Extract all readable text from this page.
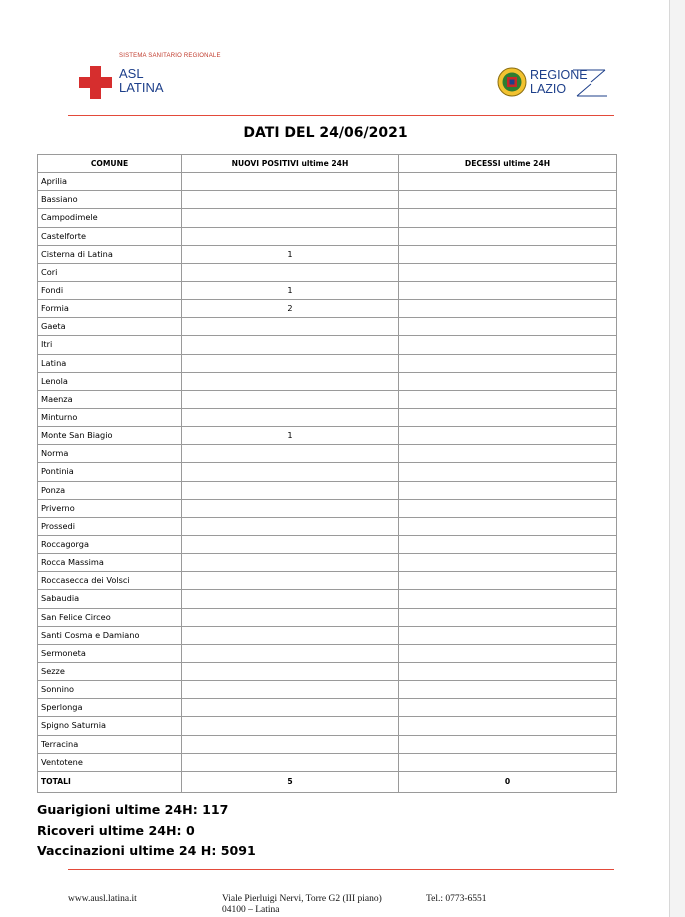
SISTEMA SANITARIO REGIONALE
ASL
LATINA
REGIONE
LAZIO
DATI DEL 24/06/2021
COMUNE	NUOVI POSITIVI ultime 24H	DECESSI ultime 24H
Aprilia		
Bassiano		
Campodimele		
Castelforte		
Cisterna di Latina	1	
Cori		
Fondi	1	
Formia	2	
Gaeta		
Itri		
Latina		
Lenola		
Maenza		
Minturno		
Monte San Biagio	1	
Norma		
Pontinia		
Ponza		
Priverno		
Prossedi		
Roccagorga		
Rocca Massima		
Roccasecca dei Volsci		
Sabaudia		
San Felice Circeo		
Santi Cosma e Damiano		
Sermoneta		
Sezze		
Sonnino		
Sperlonga		
Spigno Saturnia		
Terracina		
Ventotene		
TOTALI	5	0
Guarigioni ultime 24H: 117
Ricoveri ultime 24H: 0
Vaccinazioni ultime 24 H: 5091
www.ausl.latina.it	Viale Pierluigi Nervi, Torre G2 (III piano)
04100 – Latina
Tel.: 0773-6551
